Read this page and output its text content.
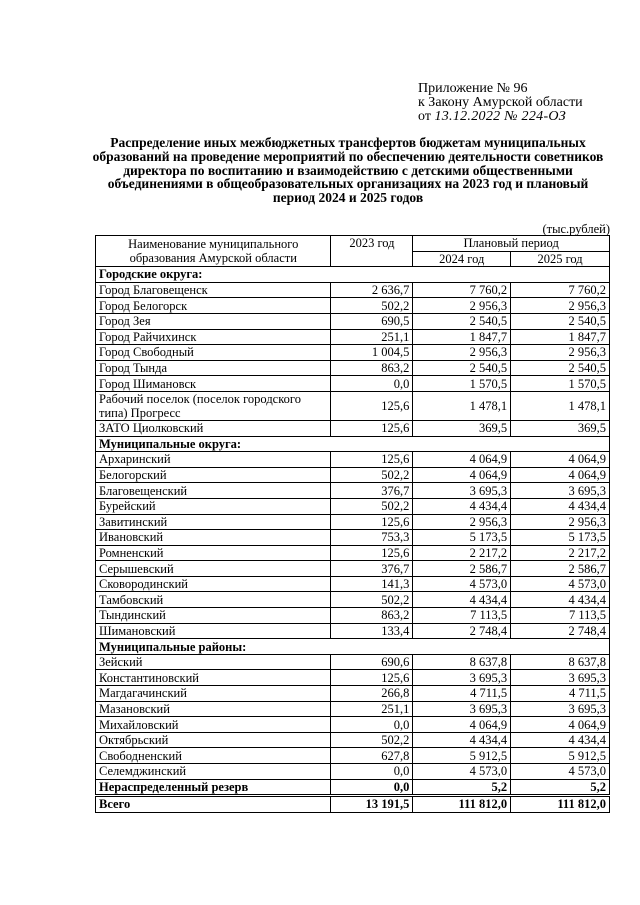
Приложение № 96
к Закону Амурской области
от 13.12.2022 № 224-ОЗ
Распределение иных межбюджетных трансфертов бюджетам муниципальных образований на проведение мероприятий по обеспечению деятельности советников директора по воспитанию и взаимодействию с детскими общественными объединениями в общеобразовательных организациях на 2023 год и плановый период 2024 и 2025 годов
(тыс.рублей)
Наименование муниципального образования Амурской области	2023 год	Плановый период	
		2024 год	2025 год
Городские округа:			
Город Благовещенск	2 636,7	7 760,2	7 760,2
Город Белогорск	502,2	2 956,3	2 956,3
Город Зея	690,5	2 540,5	2 540,5
Город Райчихинск	251,1	1 847,7	1 847,7
Город Свободный	1 004,5	2 956,3	2 956,3
Город Тында	863,2	2 540,5	2 540,5
Город Шимановск	0,0	1 570,5	1 570,5
Рабочий поселок (поселок городского типа) Прогресс	125,6	1 478,1	1 478,1
ЗАТО Циолковский	125,6	369,5	369,5
Муниципальные округа:			
Архаринский	125,6	4 064,9	4 064,9
Белогорский	502,2	4 064,9	4 064,9
Благовещенский	376,7	3 695,3	3 695,3
Бурейский	502,2	4 434,4	4 434,4
Завитинский	125,6	2 956,3	2 956,3
Ивановский	753,3	5 173,5	5 173,5
Ромненский	125,6	2 217,2	2 217,2
Серышевский	376,7	2 586,7	2 586,7
Сковородинский	141,3	4 573,0	4 573,0
Тамбовский	502,2	4 434,4	4 434,4
Тындинский	863,2	7 113,5	7 113,5
Шимановский	133,4	2 748,4	2 748,4
Муниципальные районы:			
Зейский	690,6	8 637,8	8 637,8
Константиновский	125,6	3 695,3	3 695,3
Магдагачинский	266,8	4 711,5	4 711,5
Мазановский	251,1	3 695,3	3 695,3
Михайловский	0,0	4 064,9	4 064,9
Октябрьский	502,2	4 434,4	4 434,4
Свободненский	627,8	5 912,5	5 912,5
Селемджинский	0,0	4 573,0	4 573,0
Нераспределенный резерв	0,0	5,2	5,2
Всего	13 191,5	111 812,0	111 812,0
